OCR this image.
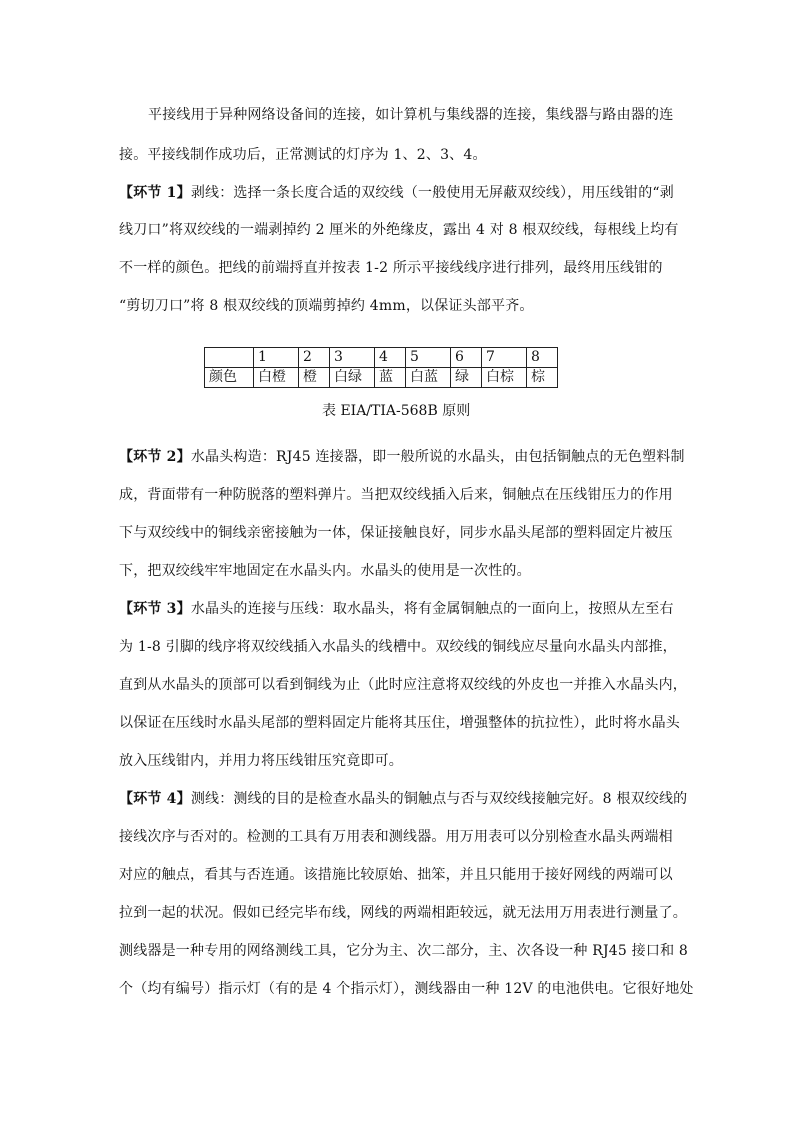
平接线用于异种网络设备间的连接，如计算机与集线器的连接，集线器与路由器的连
接。平接线制作成功后，正常测试的灯序为 1、2、3、4。
【环节 1】剥线：选择一条长度合适的双绞线（一般使用无屏蔽双绞线），用压线钳的“剥
线刀口”将双绞线的一端剥掉约 2 厘米的外绝缘皮，露出 4 对 8 根双绞线，每根线上均有
不一样的颜色。把线的前端捋直并按表 1-2 所示平接线线序进行排列，最终用压线钳的
“剪切刀口”将 8 根双绞线的顶端剪掉约 4mm，以保证头部平齐。
	1	2	3	4	5	6	7	8
颜色	白橙	橙	白绿	蓝	白蓝	绿	白棕	棕
表 EIA/TIA-568B 原则
【环节 2】水晶头构造：RJ45 连接器，即一般所说的水晶头，由包括铜触点的无色塑料制
成，背面带有一种防脱落的塑料弹片。当把双绞线插入后来，铜触点在压线钳压力的作用
下与双绞线中的铜线亲密接触为一体，保证接触良好，同步水晶头尾部的塑料固定片被压
下，把双绞线牢牢地固定在水晶头内。水晶头的使用是一次性的。
【环节 3】水晶头的连接与压线：取水晶头，将有金属铜触点的一面向上，按照从左至右
为 1-8 引脚的线序将双绞线插入水晶头的线槽中。双绞线的铜线应尽量向水晶头内部推，
直到从水晶头的顶部可以看到铜线为止（此时应注意将双绞线的外皮也一并推入水晶头内，
以保证在压线时水晶头尾部的塑料固定片能将其压住，增强整体的抗拉性），此时将水晶头
放入压线钳内，并用力将压线钳压究竟即可。
【环节 4】测线：测线的目的是检查水晶头的铜触点与否与双绞线接触完好。8 根双绞线的
接线次序与否对的。检测的工具有万用表和测线器。用万用表可以分别检查水晶头两端相
对应的触点，看其与否连通。该措施比较原始、拙笨，并且只能用于接好网线的两端可以
拉到一起的状况。假如已经完毕布线，网线的两端相距较远，就无法用万用表进行测量了。
测线器是一种专用的网络测线工具，它分为主、次二部分，主、次各设一种 RJ45 接口和 8
个（均有编号）指示灯（有的是 4 个指示灯），测线器由一种 12V 的电池供电。它很好地处
